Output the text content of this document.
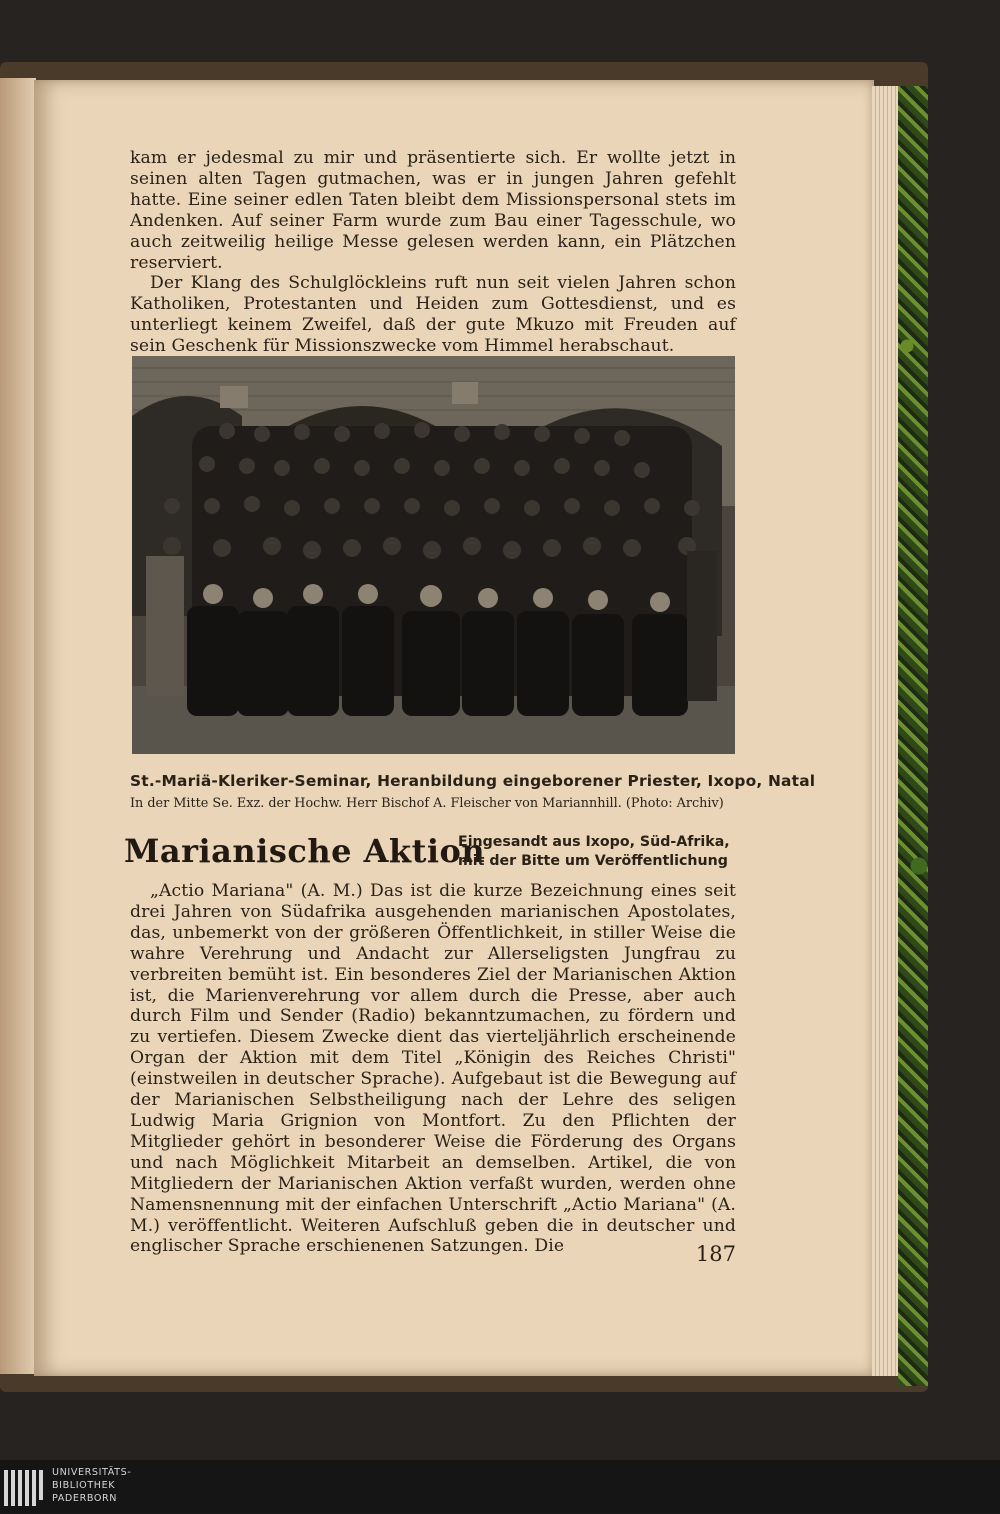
kam er jedesmal zu mir und präsentierte sich. Er wollte jetzt in seinen alten Tagen gutmachen, was er in jungen Jahren gefehlt hatte. Eine seiner edlen Taten bleibt dem Missionspersonal stets im Andenken. Auf seiner Farm wurde zum Bau einer Tagesschule, wo auch zeitweilig heilige Messe gelesen werden kann, ein Plätzchen reserviert.

Der Klang des Schulglöckleins ruft nun seit vielen Jahren schon Katholiken, Protestanten und Heiden zum Gottesdienst, und es unterliegt keinem Zweifel, daß der gute Mkuzo mit Freuden auf sein Geschenk für Missionszwecke vom Himmel herabschaut.

St.-Mariä-Kleriker-Seminar, Heranbildung eingeborener Priester, Ixopo, Natal
In der Mitte Se. Exz. der Hochw. Herr Bischof A. Fleischer von Mariannhill. (Photo: Archiv)
Marianische Aktion
Eingesandt aus Ixopo, Süd-Afrika,
mit der Bitte um Veröffentlichung

„Actio Mariana" (A. M.) Das ist die kurze Bezeichnung eines seit drei Jahren von Südafrika ausgehenden marianischen Apostolates, das, unbemerkt von der größeren Öffentlichkeit, in stiller Weise die wahre Verehrung und Andacht zur Allerseligsten Jungfrau zu verbreiten bemüht ist. Ein besonderes Ziel der Marianischen Aktion ist, die Marienverehrung vor allem durch die Presse, aber auch durch Film und Sender (Radio) bekanntzumachen, zu fördern und zu vertiefen. Diesem Zwecke dient das vierteljährlich erscheinende Organ der Aktion mit dem Titel „Königin des Reiches Christi" (einstweilen in deutscher Sprache). Aufgebaut ist die Bewegung auf der Marianischen Selbstheiligung nach der Lehre des seligen Ludwig Maria Grignion von Montfort. Zu den Pflichten der Mitglieder gehört in besonderer Weise die Förderung des Organs und nach Möglichkeit Mitarbeit an demselben. Artikel, die von Mitgliedern der Marianischen Aktion verfaßt wurden, werden ohne Namensnennung mit der einfachen Unterschrift „Actio Mariana" (A. M.) veröffentlicht. Weiteren Aufschluß geben die in deutscher und englischer Sprache erschienenen Satzungen. Die	187
UNIVERSITÄTS-
BIBLIOTHEK
PADERBORN
